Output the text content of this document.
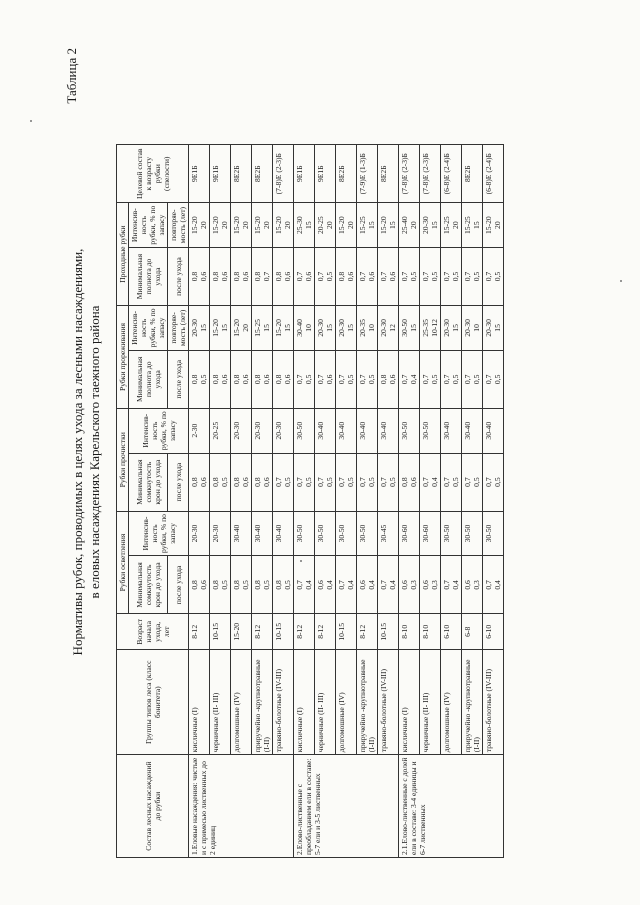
Таблица 2
Нормативы рубок, проводимых в целях ухода за лесными насаждениями, в еловых насаждениях Карельского таежного района
Состав лесных насаждений до рубки	Группы типов леса (класс бонитета)	Возраст начала ухода, лет	Рубки осветления		Рубки прочистки		Рубки прореживания		Проходные рубки		Целевой состав к возрасту рубки (спелости)
			Минимальная сомкнутость крон до ухода	Интенсив-ность рубки, % по запасу	Минимальная сомкнутость крон до ухода	Интенсив-ность рубки, % по запасу	Минимальная полнота до ухода	Интенсив-ность рубки, % по запасу	Минимальная полнота до ухода	Интенсив-ность рубки, % по запасу	
			после ухода		после ухода		после ухода	повторяе-мость (лет)	после ухода	повторяе-мость (лет)	
1.Еловые насаждения: чистые и с примесью лиственных до 2 единиц	кисличные (I)	8-12	0,8 0,6	20-30	0,8 0,6	2-30	0,8 0,5	20-30 15	0,8 0,6	15-20 20	9Е1Б
	черничные (II- III)	10-15	0,8 0,5	20-30	0,8 0,5	20-25	0,8 0,6	15-20 15	0,8 0,6	15-20 20	9Е1Б
	долгомошные (IV)	15-20	0,8 0,5	30-40	0,8 0,6	20-30	0,8 0,6	15-20 20	0,8 0,6	15-20 20	8Е2Б
	приручейно -крупнотравные (I-II)	8-12	0,8 0,5	30-40	0,8 0,6	20-30	0,8 0,6	15-25 15	0,8 0,7	15-20 20	8Е2Б
	травяно-болотные (IV-III)	10-15	0,8 0,5	30-40	0,7 0,5	20-30	0,8 0,6	15-20 15	0,8 0,6	15-20 20	(7-8)Е (2-3)Б
2.Елово-лиственные с преобладанием ели в составе: 5-7 ели и 3-5 лиственных	кисличные (I)	8-12	0,7 0,4	30-50	0,7 0,5	30-50	0,7 0,5	30-40 10	0,7 0,6	25-30 15	9Е1Б
	черничные (II- III)	8-12	0,6 0,4	30-50	0,7 0,5	30-40	0,7 0,6	20-30 15	0,7 0,5	20-25 20	9Е1Б
	долгомошные (IV)	10-15	0,7 0,4	30-50	0,7 0,5	30-40	0,7 0,5	20-30 15	0,8 0,6	15-20 20	8Е2Б
	приручейно -крупнотравные (I-II)	8-12	0,6 0,4	30-50	0,7 0,5	30-40	0,7 0,5	20-35 10	0,7 0,6	15-25 15	(7-9)Е (1-3)Б
	травяно-болотные (IV-III)	10-15	0,7 0,4	30-45	0,7 0,5	30-40	0,8 0,6	20-30 12	0,7 0,6	15-20 15	8Е2Б
2.1.Елово-лиственные с долей ели в составе: 3-4 единицы и 6-7 лиственных	кисличные (I)	8-10	0,6 0,3	30-60	0,8 0,6	30-50	0,7 0,4	30-50 15	0,7 0,5	25-40 20	(7-8)Е (2-3)Б
	черничные (II- III)	8-10	0,6 0,3	30-60	0,7 0,4	30-50	0,7 0,5	25-35 10-12	0,7 0,5	20-30 15	(7-8)Е (2-3)Б
	долгомошные (IV)	6-10	0,7 0,4	30-50	0,7 0,5	30-40	0,7 0,5	20-30 15	0,7 0,5	15-25 20	(6-8)Е (2-4)Б
	приручейно -крупнотравные (I-II)	6-8	0,6 0,3	30-50	0,7 0,5	30-40	0,7 0,5	20-30 10	0,7 0,5	15-25 15	8Е2Б
	травяно-болотные (IV-III)	6-10	0,7 0,4	30-50	0,7 0,5	30-40	0,7 0,5	20-30 15	0,7 0,5	15-20 20	(6-8)Е (2-4)Б
